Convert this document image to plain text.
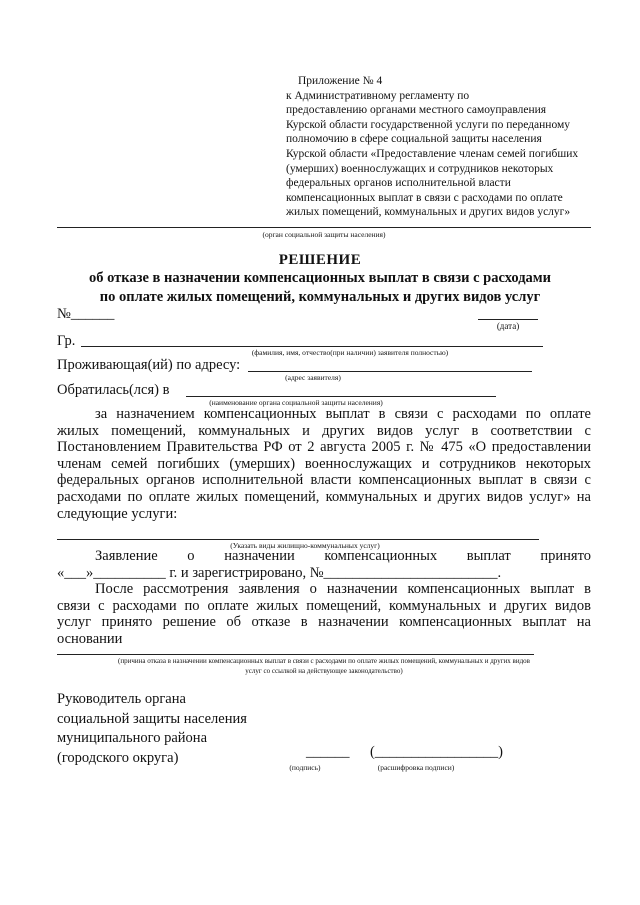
Приложение № 4
к Административному регламенту по
предоставлению органами местного самоуправления
Курской области государственной услуги по переданному
полномочию в сфере социальной защиты населения
Курской области «Предоставление членам семей погибших
(умерших) военнослужащих и сотрудников некоторых
федеральных органов исполнительной власти
компенсационных выплат в связи с расходами по оплате
жилых помещений, коммунальных и других видов услуг»
(орган социальной защиты населения)
РЕШЕНИЕ
об отказе в назначении компенсационных выплат в связи с расходами
по оплате жилых помещений, коммунальных и других видов услуг
№______
(дата)
Гр.
(фамилия, имя, отчество(при наличии) заявителя полностью)
Проживающая(ий) по адресу:
(адрес заявителя)
Обратилась(лся) в
(наименование органа социальной защиты населения)
за назначением компенсационных выплат в связи с расходами по оплате
жилых помещений, коммунальных и других видов услуг в соответствии с
Постановлением Правительства РФ от 2 августа 2005 г. № 475 «О предоставлении
членам семей погибших (умерших) военнослужащих и сотрудников некоторых
федеральных органов исполнительной власти компенсационных выплат в связи с
расходами по оплате жилых помещений, коммунальных и других видов услуг» на
следующие услуги:
(Указать виды жилищно-коммунальных услуг)
Заявление о назначении компенсационных выплат принято
«___»__________ г. и зарегистрировано, №________________________.
После рассмотрения заявления о назначении компенсационных выплат в
связи с расходами по оплате жилых помещений, коммунальных и других видов
услуг принято решение об отказе в назначении компенсационных выплат на
основании
(причина отказа в назначении компенсационных выплат в связи с расходами по оплате жилых помещений, коммунальных и других видов
услуг со ссылкой на действующее законодательство)
Руководитель органа
социальной защиты населения
муниципального района
(городского округа)	______ (_________________)
(подпись)	(расшифровка подписи)
